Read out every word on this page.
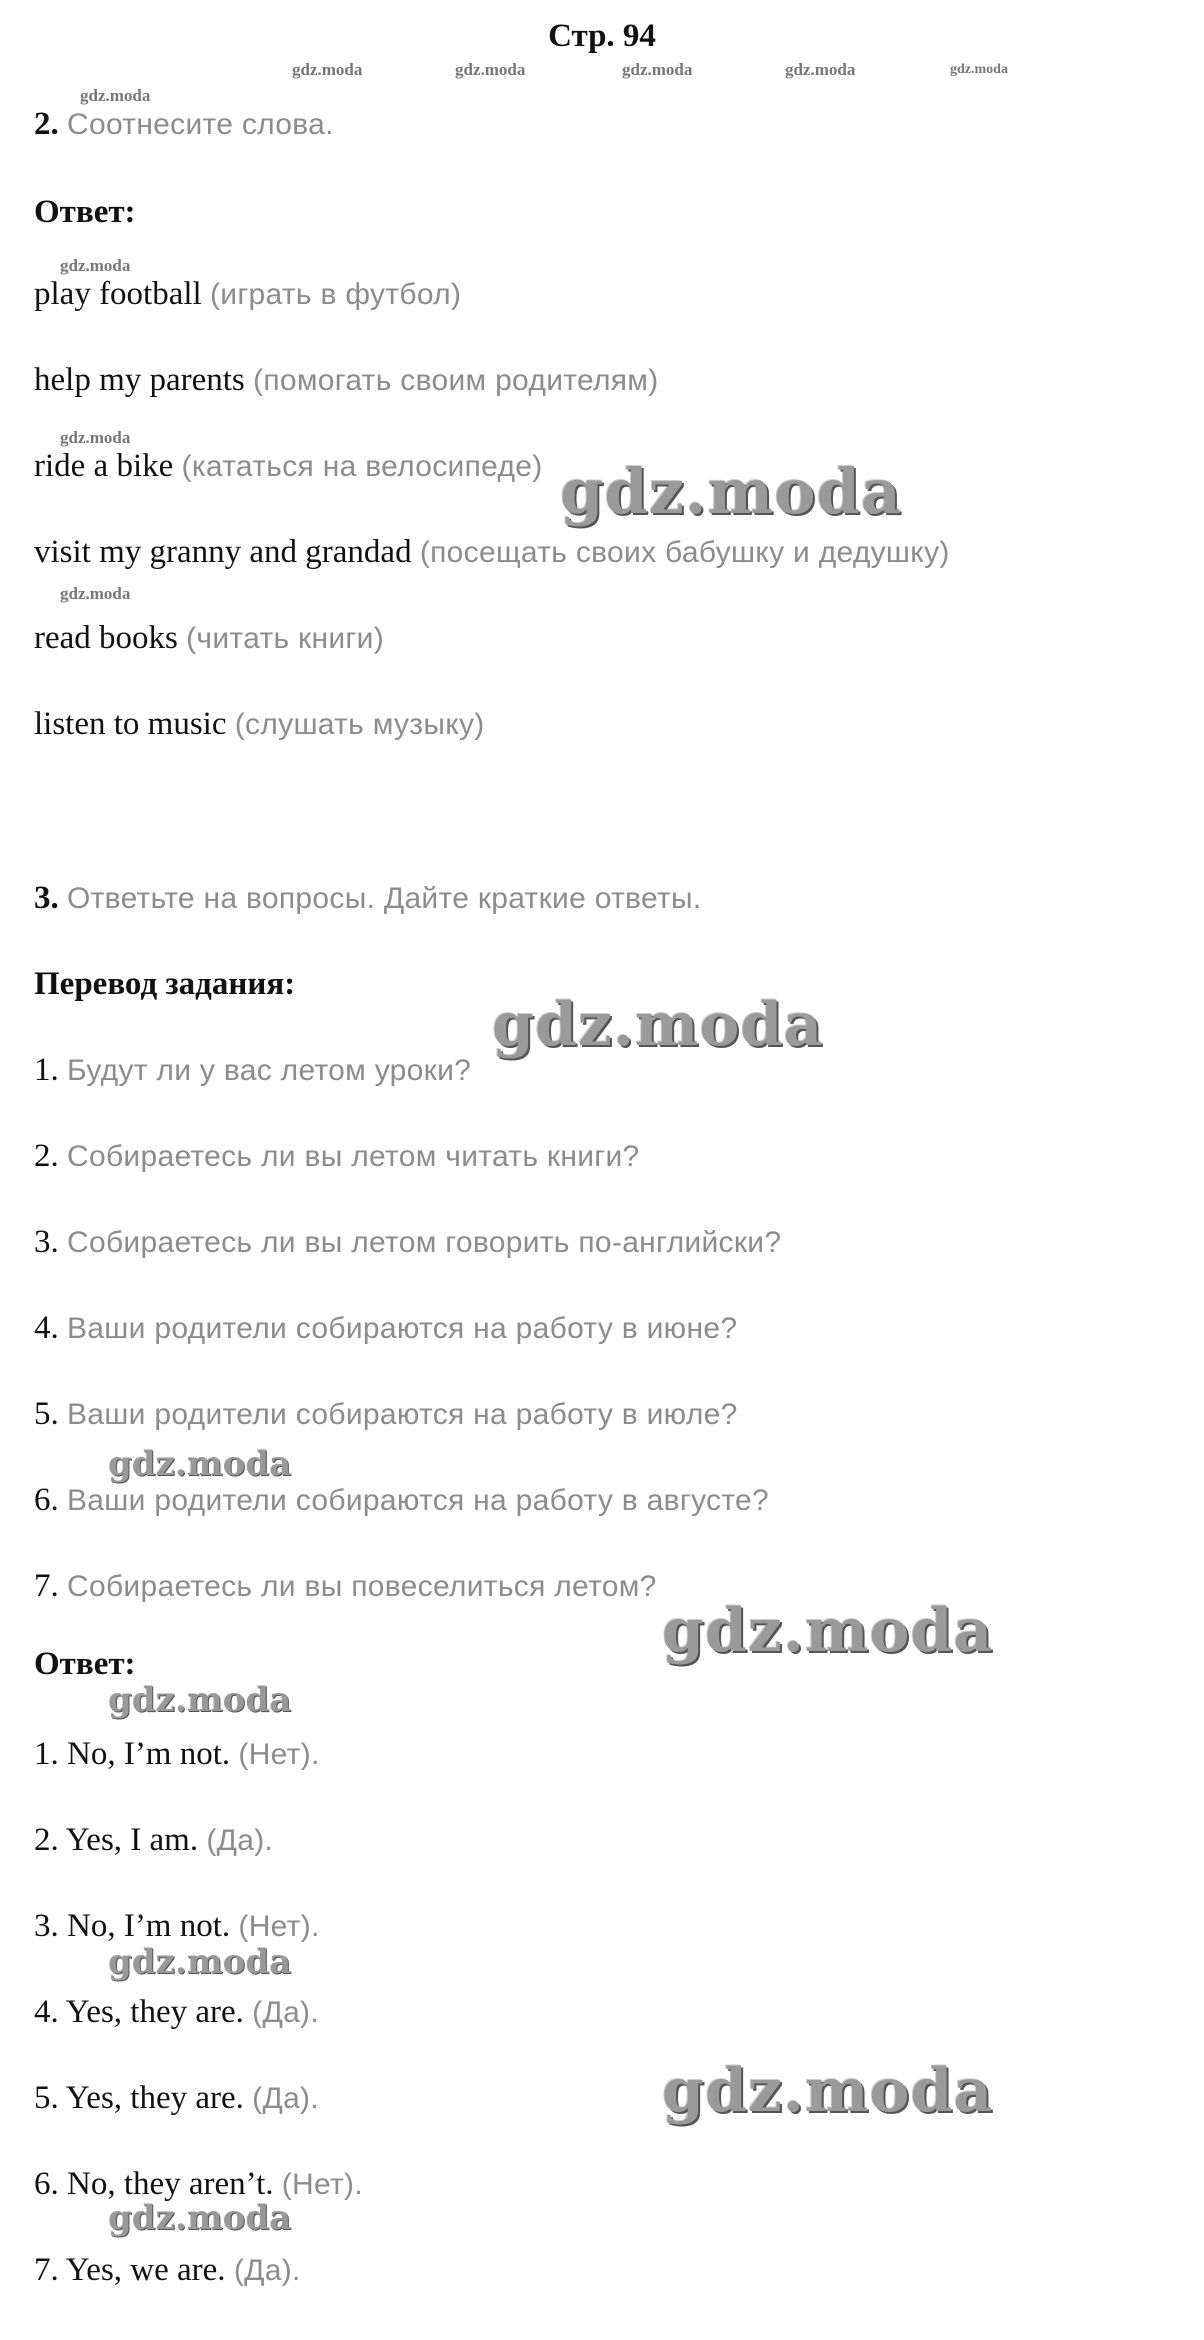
Стр. 94
gdz.moda	gdz.moda	gdz.moda	gdz.moda	gdz.moda
gdz.moda
2. Соотнесите слова.
Ответ:
gdz.moda
play football (играть в футбол)
help my parents (помогать своим родителям)
gdz.moda
ride a bike (кататься на велосипеде) gdz.moda
visit my granny and grandad (посещать своих бабушку и дедушку)
gdz.moda
read books (читать книги)
listen to music (слушать музыку)
3. Ответьте на вопросы. Дайте краткие ответы.
Перевод задания:
gdz.moda
1. Будут ли у вас летом уроки?
2. Собираетесь ли вы летом читать книги?
3. Собираетесь ли вы летом говорить по-английски?
4. Ваши родители собираются на работу в июне?
5. Ваши родители собираются на работу в июле?
gdz.moda
6. Ваши родители собираются на работу в августе?
7. Собираетесь ли вы повеселиться летом?
gdz.moda
Ответ:
gdz.moda
1. No, I’m not. (Нет).
2. Yes, I am. (Да).
3. No, I’m not. (Нет).
gdz.moda
4. Yes, they are. (Да).
5. Yes, they are. (Да).	gdz.moda
6. No, they aren’t. (Нет).
gdz.moda
7. Yes, we are. (Да).
